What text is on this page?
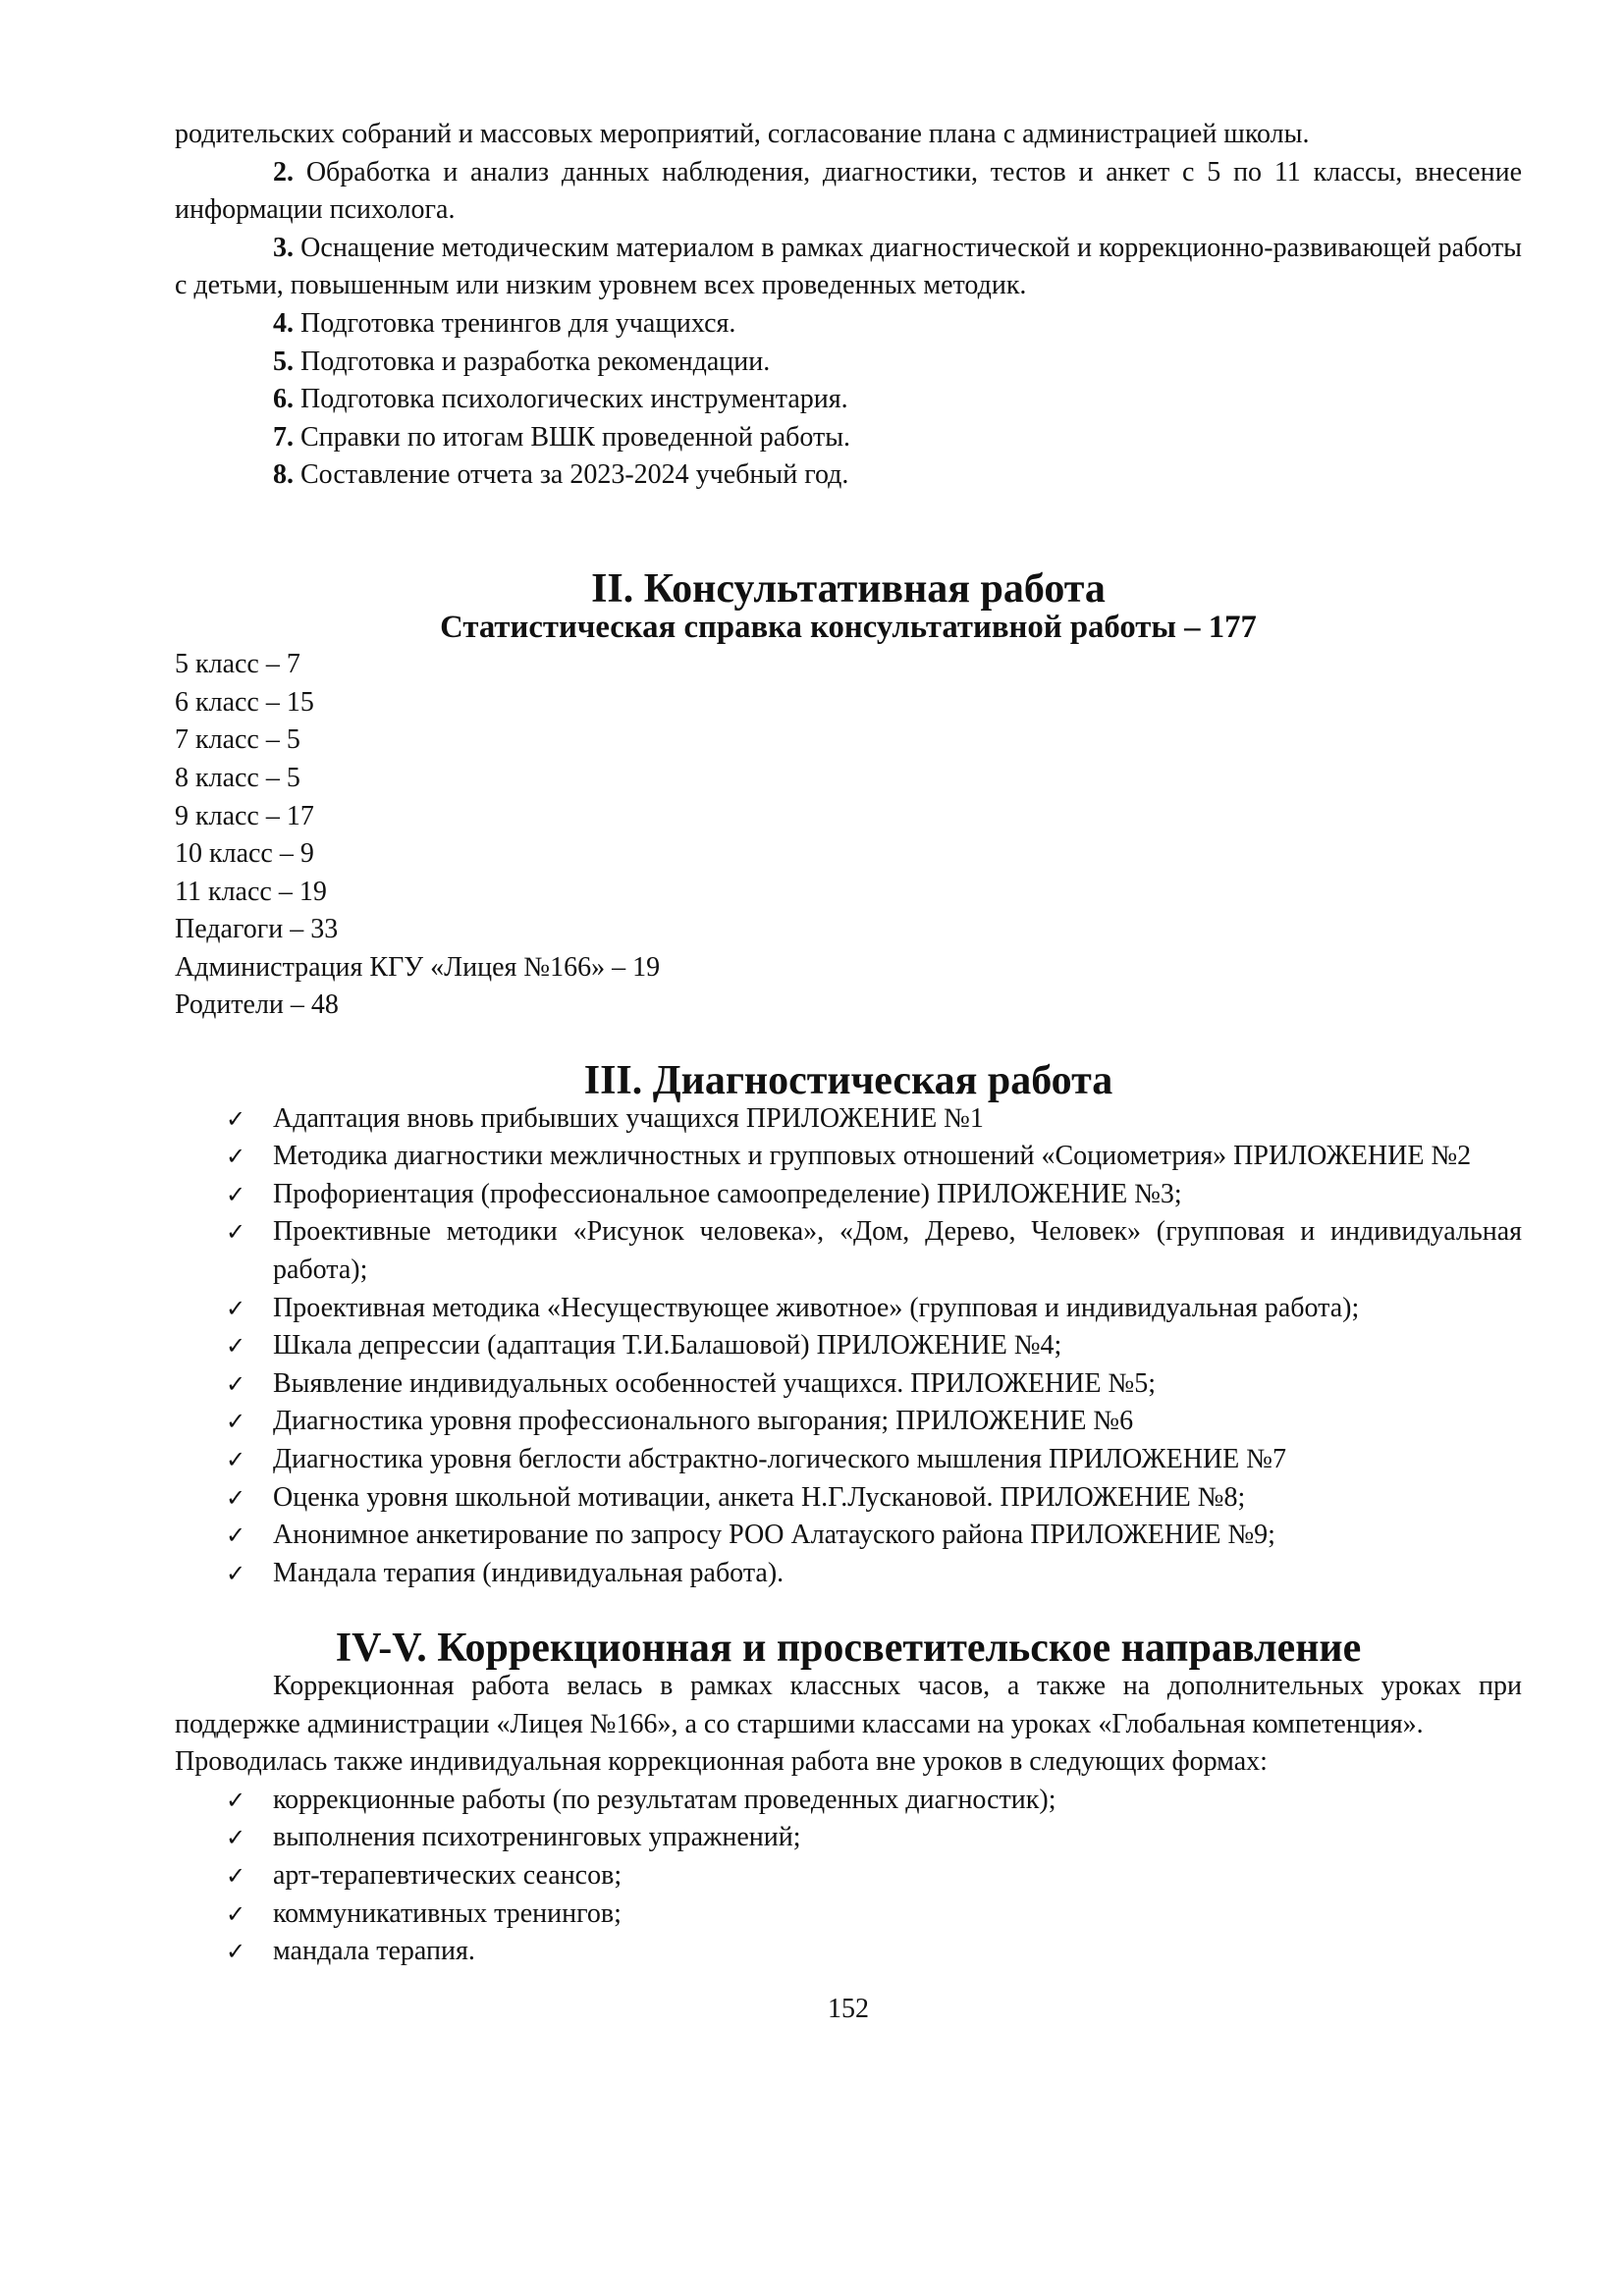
родительских собраний и массовых мероприятий, согласование плана с администрацией школы.

2. Обработка и анализ данных наблюдения, диагностики, тестов и анкет с 5 по 11 классы, внесение информации психолога.

3. Оснащение методическим материалом в рамках диагностической и коррекционно-развивающей работы с детьми, повышенным или низким уровнем всех проведенных методик.

4. Подготовка тренингов для учащихся.

5. Подготовка и разработка рекомендации.

6. Подготовка психологических инструментария.

7. Справки по итогам ВШК проведенной работы.

8. Составление отчета за 2023-2024 учебный год.

II. Консультативная работа
Статистическая справка консультативной работы – 177

5 класс – 7

6 класс – 15

7 класс – 5

8 класс – 5

9 класс – 17

10 класс – 9

11 класс – 19

Педагоги – 33

Администрация КГУ «Лицея №166» – 19

Родители – 48

III. Диагностическая работа
✓ Адаптация вновь прибывших учащихся ПРИЛОЖЕНИЕ №1
✓ Методика диагностики межличностных и групповых отношений «Социометрия» ПРИЛОЖЕНИЕ №2
✓ Профориентация (профессиональное самоопределение) ПРИЛОЖЕНИЕ №3;
✓ Проективные методики «Рисунок человека», «Дом, Дерево, Человек» (групповая и индивидуальная работа);
✓ Проективная методика «Несуществующее животное» (групповая и индивидуальная работа);
✓ Шкала депрессии (адаптация Т.И.Балашовой) ПРИЛОЖЕНИЕ №4;
✓ Выявление индивидуальных особенностей учащихся. ПРИЛОЖЕНИЕ №5;
✓ Диагностика уровня профессионального выгорания; ПРИЛОЖЕНИЕ №6
✓ Диагностика уровня беглости абстрактно-логического мышления ПРИЛОЖЕНИЕ №7
✓ Оценка уровня школьной мотивации, анкета Н.Г.Лускановой. ПРИЛОЖЕНИЕ №8;
✓ Анонимное анкетирование по запросу РОО Алатауского района ПРИЛОЖЕНИЕ №9;
✓ Мандала терапия (индивидуальная работа).
IV-V. Коррекционная и просветительское направление

Коррекционная работа велась в рамках классных часов, а также на дополнительных уроках при поддержке администрации «Лицея №166», а со старшими классами на уроках «Глобальная компетенция».

Проводилась также индивидуальная коррекционная работа вне уроков в следующих формах:

✓ коррекционные работы (по результатам проведенных диагностик);
✓ выполнения психотренинговых упражнений;
✓ арт-терапевтических сеансов;
✓ коммуникативных тренингов;
✓ мандала терапия.

152
